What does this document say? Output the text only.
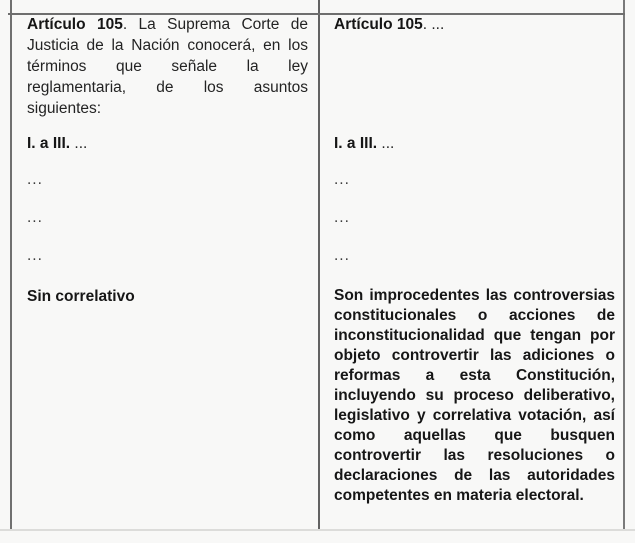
Artículo 105. La Suprema Corte de Justicia de la Nación conocerá, en los términos que señale la ley reglamentaria, de los asuntos siguientes:

I. a III. ...

...

...

...

Sin correlativo

Artículo 105. ...

I. a III. ...

...

...

...

Son improcedentes las controversias constitucionales o acciones de inconstitucionalidad que tengan por objeto controvertir las adiciones o reformas a esta Constitución, incluyendo su proceso deliberativo, legislativo y correlativa votación, así como aquellas que busquen controvertir las resoluciones o declaraciones de las autoridades competentes en materia electoral.
